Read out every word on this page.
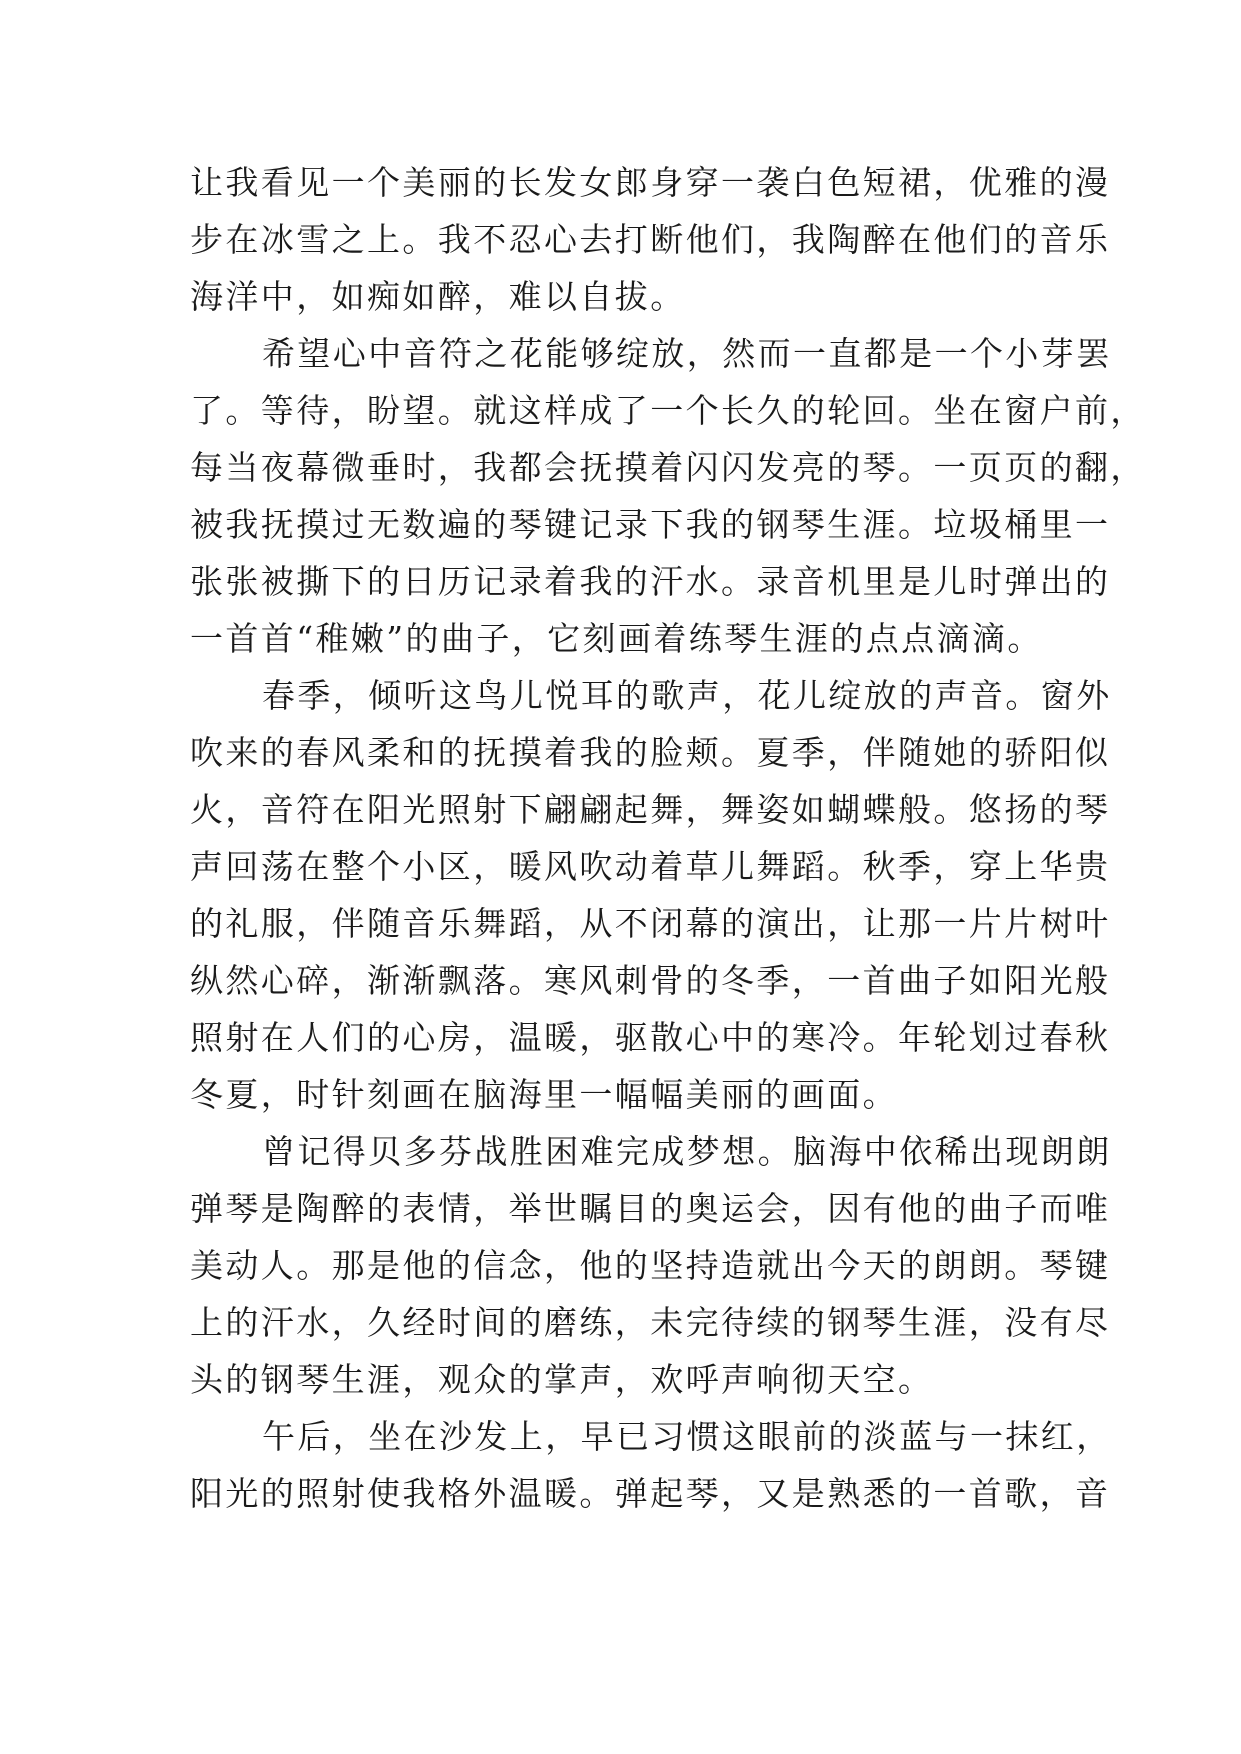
让我看见一个美丽的长发女郎身穿一袭白色短裙，优雅的漫
步在冰雪之上。我不忍心去打断他们，我陶醉在他们的音乐
海洋中，如痴如醉，难以自拔。
希望心中音符之花能够绽放，然而一直都是一个小芽罢
了。等待，盼望。就这样成了一个长久的轮回。坐在窗户前，
每当夜幕微垂时，我都会抚摸着闪闪发亮的琴。一页页的翻，
被我抚摸过无数遍的琴键记录下我的钢琴生涯。垃圾桶里一
张张被撕下的日历记录着我的汗水。录音机里是儿时弹出的
一首首“稚嫩”的曲子，它刻画着练琴生涯的点点滴滴。
春季，倾听这鸟儿悦耳的歌声，花儿绽放的声音。窗外
吹来的春风柔和的抚摸着我的脸颊。夏季，伴随她的骄阳似
火，音符在阳光照射下翩翩起舞，舞姿如蝴蝶般。悠扬的琴
声回荡在整个小区，暖风吹动着草儿舞蹈。秋季，穿上华贵
的礼服，伴随音乐舞蹈，从不闭幕的演出，让那一片片树叶
纵然心碎，渐渐飘落。寒风刺骨的冬季，一首曲子如阳光般
照射在人们的心房，温暖，驱散心中的寒冷。年轮划过春秋
冬夏，时针刻画在脑海里一幅幅美丽的画面。
曾记得贝多芬战胜困难完成梦想。脑海中依稀出现朗朗
弹琴是陶醉的表情，举世瞩目的奥运会，因有他的曲子而唯
美动人。那是他的信念，他的坚持造就出今天的朗朗。琴键
上的汗水，久经时间的磨练，未完待续的钢琴生涯，没有尽
头的钢琴生涯，观众的掌声，欢呼声响彻天空。
午后，坐在沙发上，早已习惯这眼前的淡蓝与一抹红，
阳光的照射使我格外温暖。弹起琴，又是熟悉的一首歌，音
